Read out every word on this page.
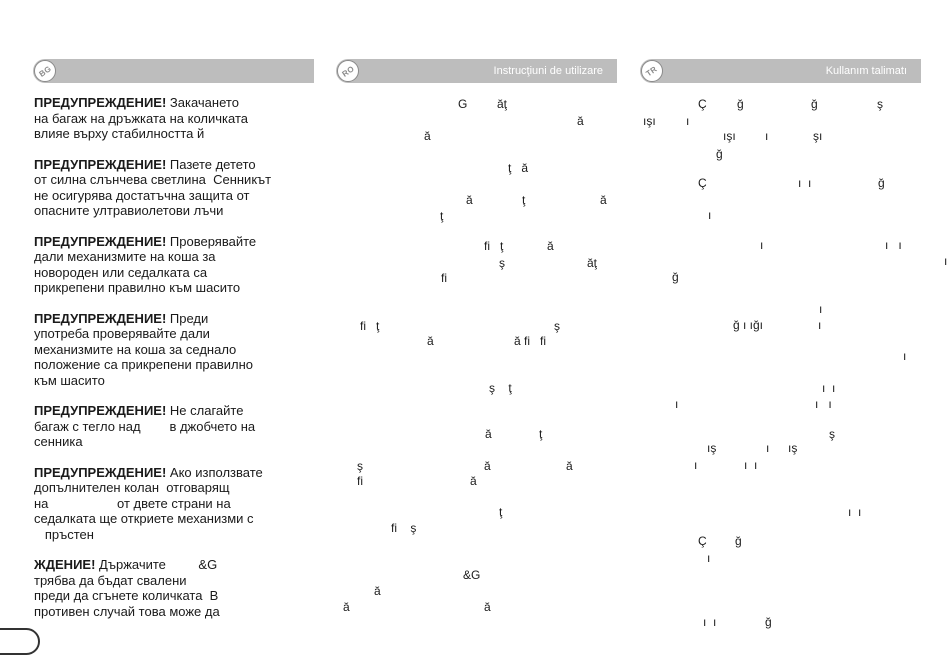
BG	RO	Instrucţiuni de utilizare	TR	Kullanım talimatı

ПРЕДУПРЕЖДЕНИЕ! Закачането
на багаж на дръжката на количката
влияе върху стабилността й

ПРЕДУПРЕЖДЕНИЕ! Пазете детето
от силна слънчева светлина  Сенникът
не осигурява достатъчна защита от
опасните ултравиолетови лъчи

ПРЕДУПРЕЖДЕНИЕ! Проверявайте
дали механизмите на коша за
новороден или седалката са
прикрепени правилно към шасито

ПРЕДУПРЕЖДЕНИЕ! Преди
употреба проверявайте дали
механизмите на коша за седнало
положение са прикрепени правилно
към шасито

ПРЕДУПРЕЖДЕНИЕ! Не слагайте
багаж с тегло над        в джобчето на
сенника

ПРЕДУПРЕЖДЕНИЕ! Ако използвате
допълнителен колан  отговарящ
на                   от двете страни на
седалката ще откриете механизми с
пръстен

ЖДЕНИЕ! Държачите         &G
трябва да бъдат свалени
преди да сгънете количката  В
противен случай това може да

G ăţ
ă
ă
ţ   ă
ă	ţ	ă
ţ
fi   ţ	ă
ş	ăţ
fi
fi   ţ	ş
ă	ă fi   fi
ş    ţ
ă	ţ
ş	ă	ă
fi	ă
ţ
fi    ş
&G
ă
ă	ă
Ç	ğ	ğ	ş
ışı	ı
ışı ı	şı
ğ
Ç	ı  ı	ğ
ı
ı	ı   ı
ı
ğ
ı
ğ ı ığı	ı
ı
ı  ı
ı	ı   ı
ş
ış	ı ış
ı	ı  ı
ı  ı
Ç ğ
ı
ı  ı	ğ
